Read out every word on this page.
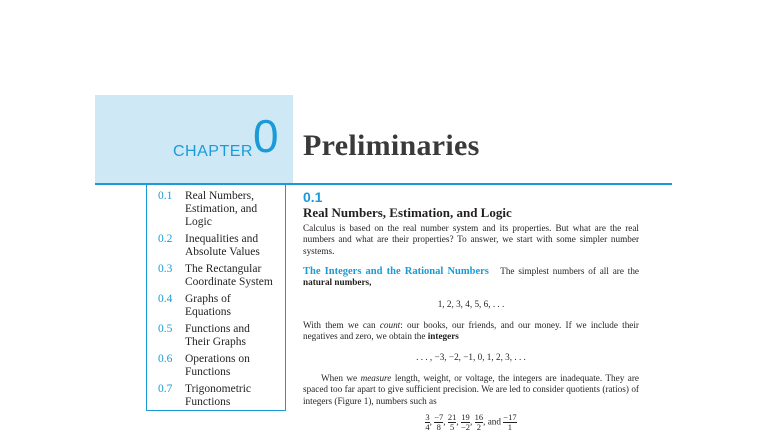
CHAPTER 0 Preliminaries
0.1 Real Numbers,
Estimation, and
Logic
0.2 Inequalities and
Absolute Values
0.3 The Rectangular
Coordinate System
0.4 Graphs of
Equations
0.5 Functions and
Their Graphs
0.6 Operations on
Functions
0.7 Trigonometric
Functions
0.1
Real Numbers, Estimation, and Logic
Calculus is based on the real number system and its properties. But what are the real numbers and what are their properties? To answer, we start with some simpler number systems.
The Integers and the Rational Numbers The simplest numbers of all are the natural numbers,
1, 2, 3, 4, 5, 6, . . .
With them we can count: our books, our friends, and our money. If we include their negatives and zero, we obtain the integers
. . . , −3, −2, −1, 0, 1, 2, 3, . . .
When we measure length, weight, or voltage, the integers are inadequate. They are spaced too far apart to give sufficient precision. We are led to consider quotients (ratios) of integers (Figure 1), numbers such as
$\frac{3}{4}$ , $\frac{-7}{8}$ , $\frac{21}{5}$ , $\frac{19}{-2}$ , $\frac{16}{2}$ , and $\frac{-17}{1}$
